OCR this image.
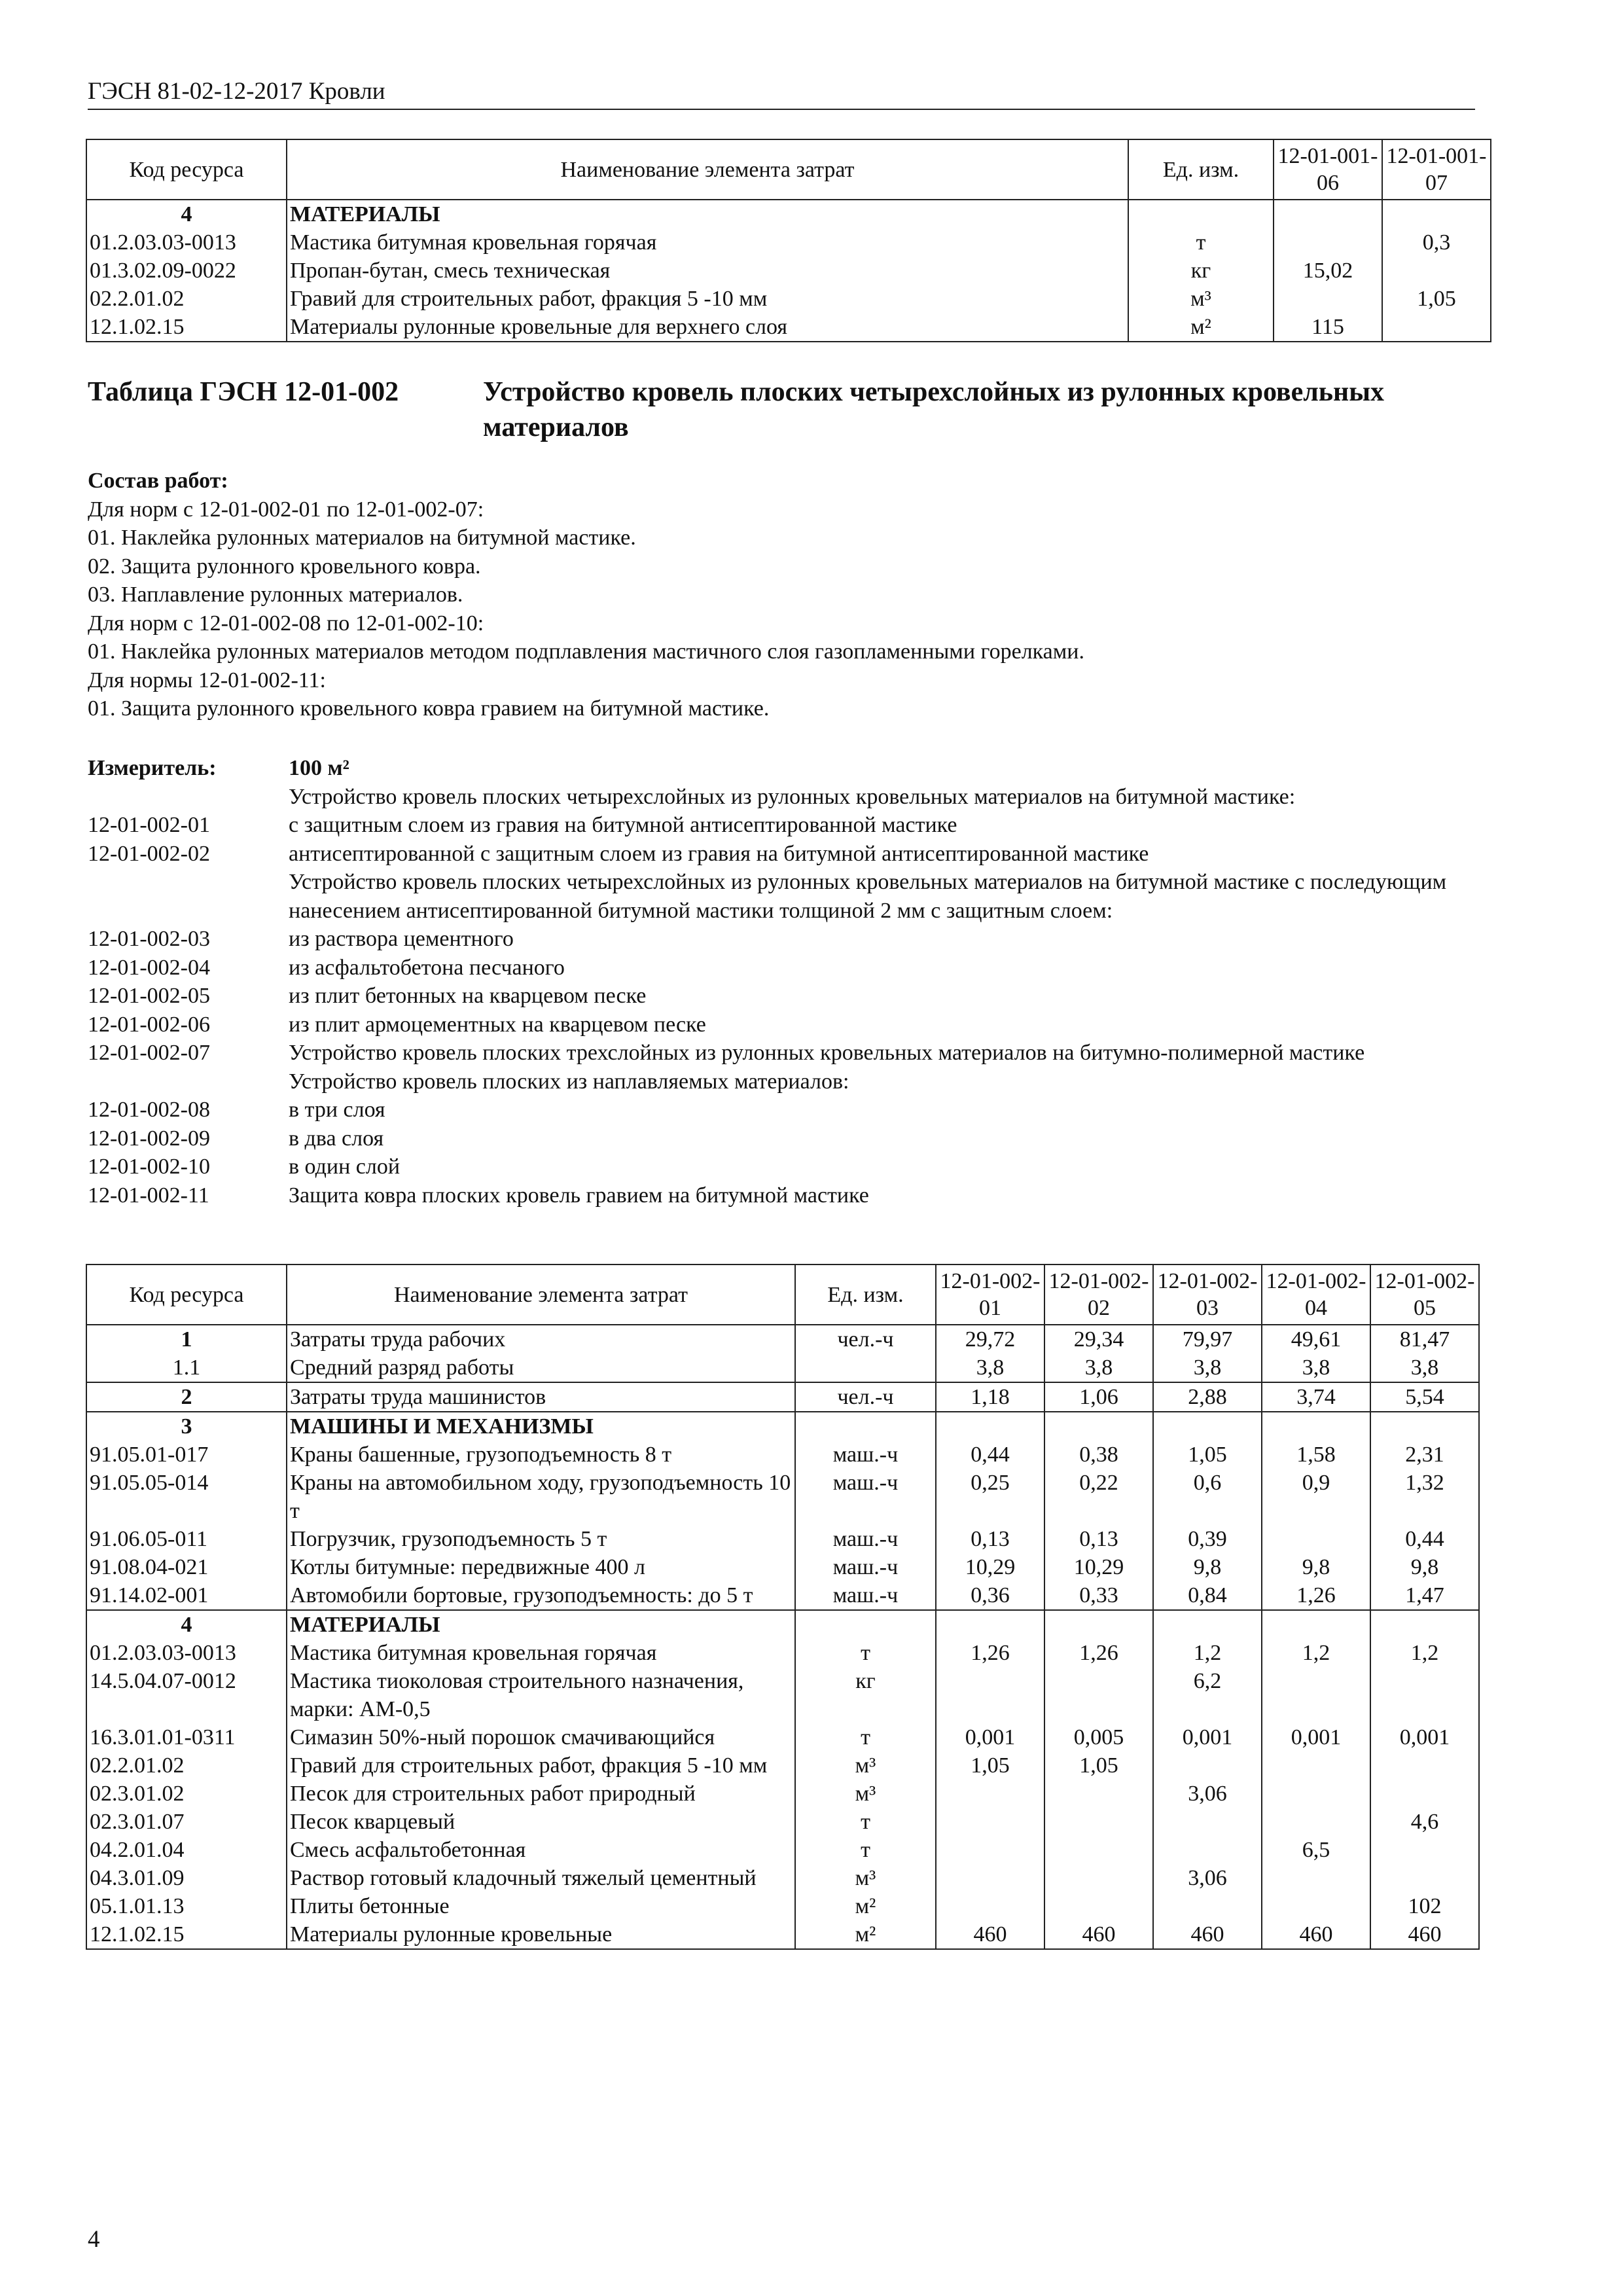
ГЭСН 81-02-12-2017 Кровли
Код ресурса	Наименование элемента затрат	Ед. изм.	12-01-001-06	12-01-001-07
4	МАТЕРИАЛЫ			
01.2.03.03-0013	Мастика битумная кровельная горячая	т		0,3
01.3.02.09-0022	Пропан-бутан, смесь техническая	кг	15,02	
02.2.01.02	Гравий для строительных работ, фракция 5 -10 мм	м³		1,05
12.1.02.15	Материалы рулонные кровельные для верхнего слоя	м²	115	
Таблица ГЭСН 12-01-002	Устройство кровель плоских четырехслойных из рулонных кровельных материалов
Состав работ:
Для норм с 12-01-002-01 по 12-01-002-07:
01. Наклейка рулонных материалов на битумной мастике.
02. Защита рулонного кровельного ковра.
03. Наплавление рулонных материалов.
Для норм с 12-01-002-08 по 12-01-002-10:
01. Наклейка рулонных материалов методом подплавления мастичного слоя газопламенными горелками.
Для нормы 12-01-002-11:
01. Защита рулонного кровельного ковра гравием на битумной мастике.
Измеритель:	100 м²
Устройство кровель плоских четырехслойных из рулонных кровельных материалов на битумной мастике:
12-01-002-01	с защитным слоем из гравия на битумной антисептированной мастике
12-01-002-02	антисептированной с защитным слоем из гравия на битумной антисептированной мастике
Устройство кровель плоских четырехслойных из рулонных кровельных материалов на битумной мастике с последующим нанесением антисептированной битумной мастики толщиной 2 мм с защитным слоем:
12-01-002-03	из раствора цементного
12-01-002-04	из асфальтобетона песчаного
12-01-002-05	из плит бетонных на кварцевом песке
12-01-002-06	из плит армоцементных на кварцевом песке
12-01-002-07	Устройство кровель плоских трехслойных из рулонных кровельных материалов на битумно-полимерной мастике
Устройство кровель плоских из наплавляемых материалов:
12-01-002-08	в три слоя
12-01-002-09	в два слоя
12-01-002-10	в один слой
12-01-002-11	Защита ковра плоских кровель гравием на битумной мастике
Код ресурса	Наименование элемента затрат	Ед. изм.	12-01-002-01	12-01-002-02	12-01-002-03	12-01-002-04	12-01-002-05
1	Затраты труда рабочих	чел.-ч	29,72	29,34	79,97	49,61	81,47
1.1	Средний разряд работы		3,8	3,8	3,8	3,8	3,8
2	Затраты труда машинистов	чел.-ч	1,18	1,06	2,88	3,74	5,54
3	МАШИНЫ И МЕХАНИЗМЫ						
91.05.01-017	Краны башенные, грузоподъемность 8 т	маш.-ч	0,44	0,38	1,05	1,58	2,31
91.05.05-014	Краны на автомобильном ходу, грузоподъемность 10 т	маш.-ч	0,25	0,22	0,6	0,9	1,32
91.06.05-011	Погрузчик, грузоподъемность 5 т	маш.-ч	0,13	0,13	0,39		0,44
91.08.04-021	Котлы битумные: передвижные 400 л	маш.-ч	10,29	10,29	9,8	9,8	9,8
91.14.02-001	Автомобили бортовые, грузоподъемность: до 5 т	маш.-ч	0,36	0,33	0,84	1,26	1,47
4	МАТЕРИАЛЫ						
01.2.03.03-0013	Мастика битумная кровельная горячая	т	1,26	1,26	1,2	1,2	1,2
14.5.04.07-0012	Мастика тиоколовая строительного назначения, марки: АМ-0,5	кг			6,2		
16.3.01.01-0311	Симазин 50%-ный порошок смачивающийся	т	0,001	0,005	0,001	0,001	0,001
02.2.01.02	Гравий для строительных работ, фракция 5 -10 мм	м³	1,05	1,05			
02.3.01.02	Песок для строительных работ природный	м³			3,06		
02.3.01.07	Песок кварцевый	т					4,6
04.2.01.04	Смесь асфальтобетонная	т				6,5	
04.3.01.09	Раствор готовый кладочный тяжелый цементный	м³			3,06		
05.1.01.13	Плиты бетонные	м²					102
12.1.02.15	Материалы рулонные кровельные	м²	460	460	460	460	460
4
